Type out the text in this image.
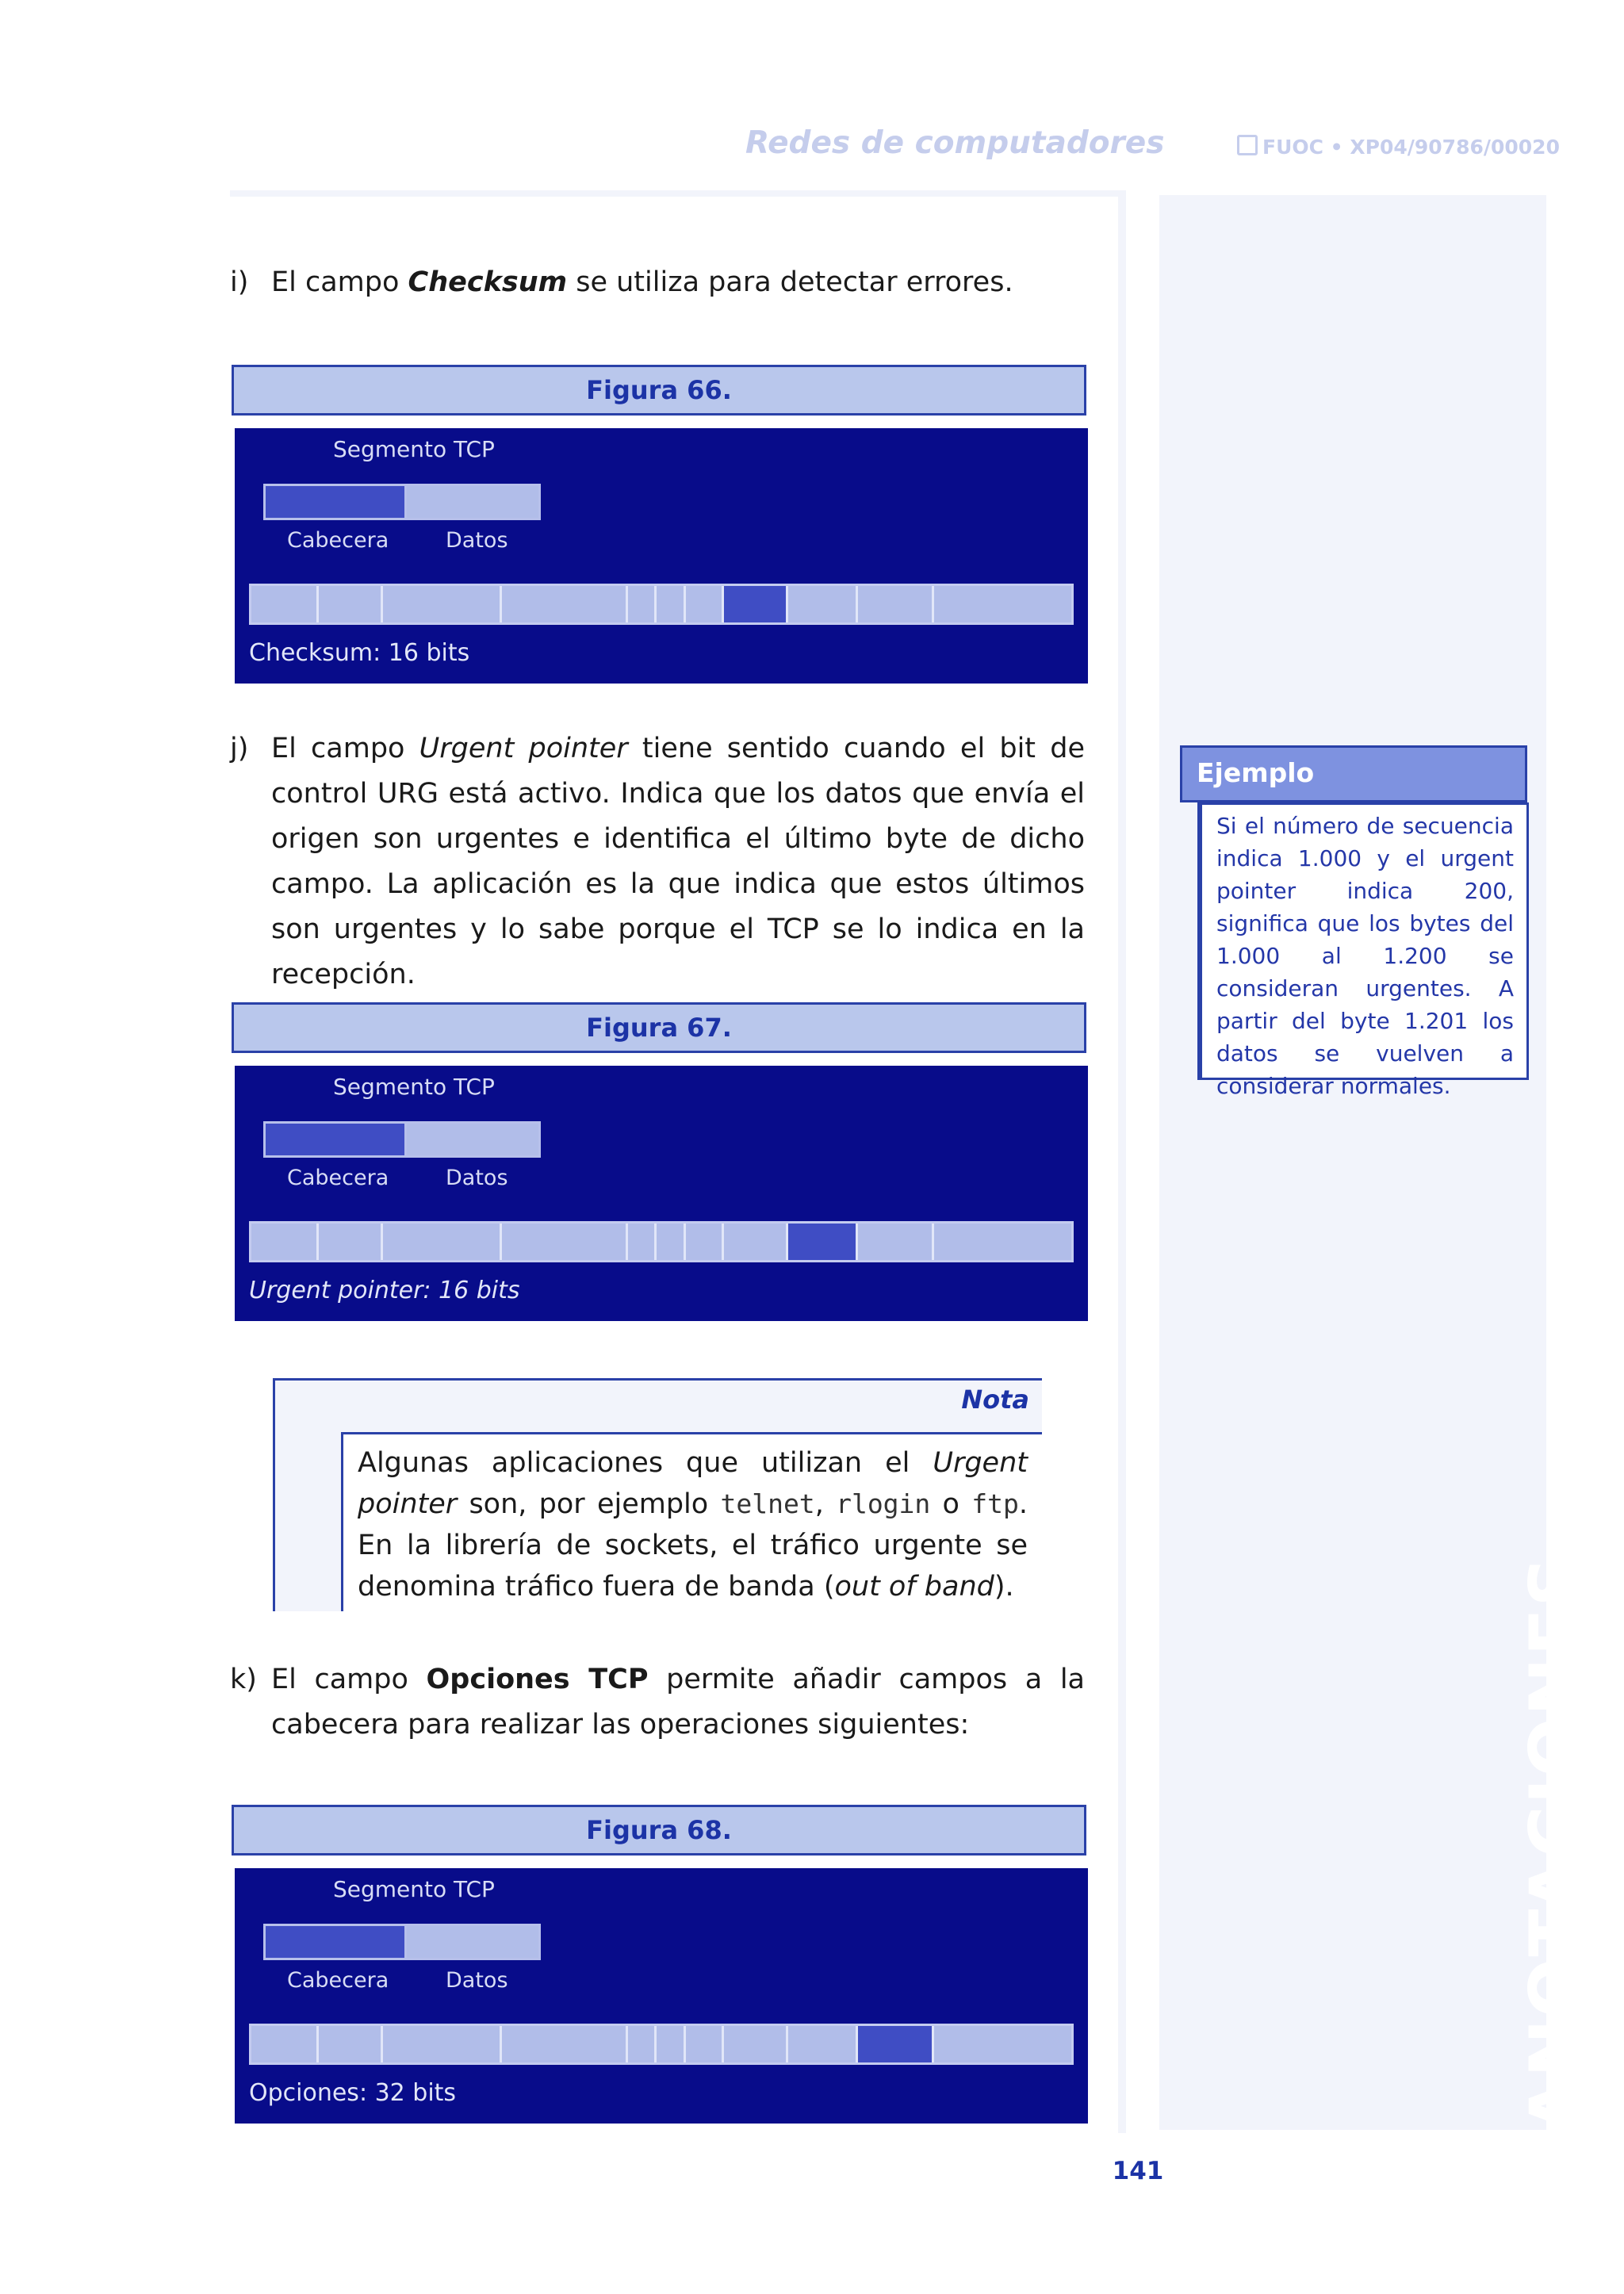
Redes de computadores	FUOC • XP04/90786/00020
ANOTACIONES
i) El campo Checksum se utiliza para detectar errores.
Figura 66.
Segmento TCP
Cabecera	Datos
Checksum: 16 bits
j) El campo Urgent pointer tiene sentido cuando el bit de control URG está activo. Indica que los datos que envía el origen son urgentes e identifica el último byte de dicho campo. La aplicación es la que indica que estos últimos son urgentes y lo sabe porque el TCP se lo indica en la recepción.
Ejemplo
Si el número de secuencia indica 1.000 y el urgent pointer indica 200, significa que los bytes del 1.000 al 1.200 se consideran urgentes. A partir del byte 1.201 los datos se vuelven a considerar normales.
Figura 67.
Segmento TCP
Cabecera	Datos
Urgent pointer: 16 bits
Nota
Algunas aplicaciones que utilizan el Urgent pointer son, por ejemplo telnet, rlogin o ftp. En la librería de sockets, el tráfico urgente se denomina tráfico fuera de banda (out of band).
k) El campo Opciones TCP permite añadir campos a la cabecera para realizar las operaciones siguientes:
Figura 68.
Segmento TCP
Cabecera	Datos
Opciones: 32 bits
141
